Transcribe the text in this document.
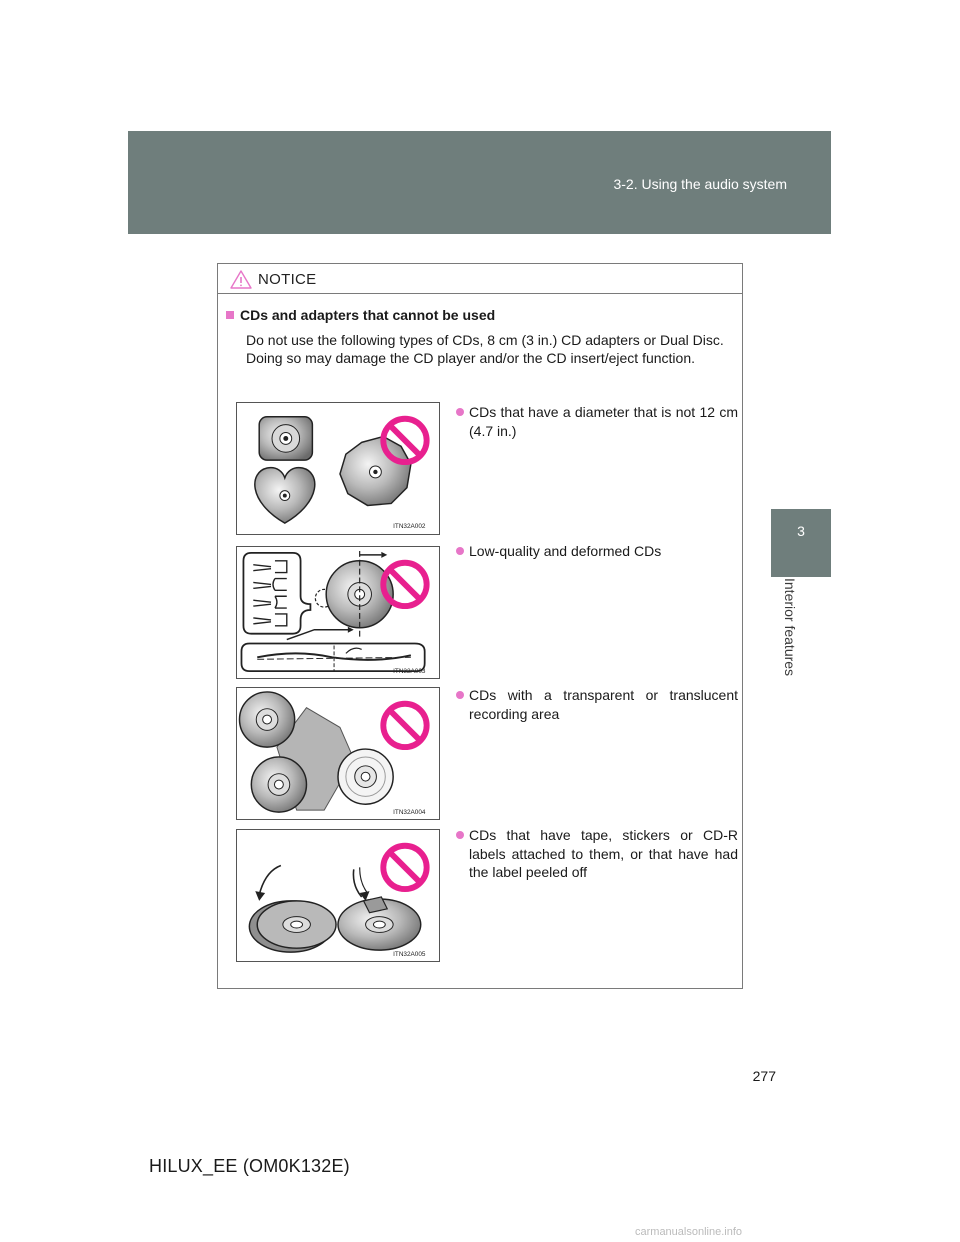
3-2. Using the audio system
3
Interior features
NOTICE
CDs and adapters that cannot be used
Do not use the following types of CDs, 8 cm (3 in.) CD adapters or Dual Disc.
Doing so may damage the CD player and/or the CD insert/eject function.
ITN32A002
CDs that have a diameter that is not 12 cm (4.7 in.)
ITN32A003
Low-quality and deformed CDs
ITN32A004
CDs with a transparent or translucent recording area
ITN32A005
CDs that have tape, stickers or CD-R labels attached to them, or that have had the label peeled off
277
HILUX_EE (OM0K132E)
carmanualsonline.info
